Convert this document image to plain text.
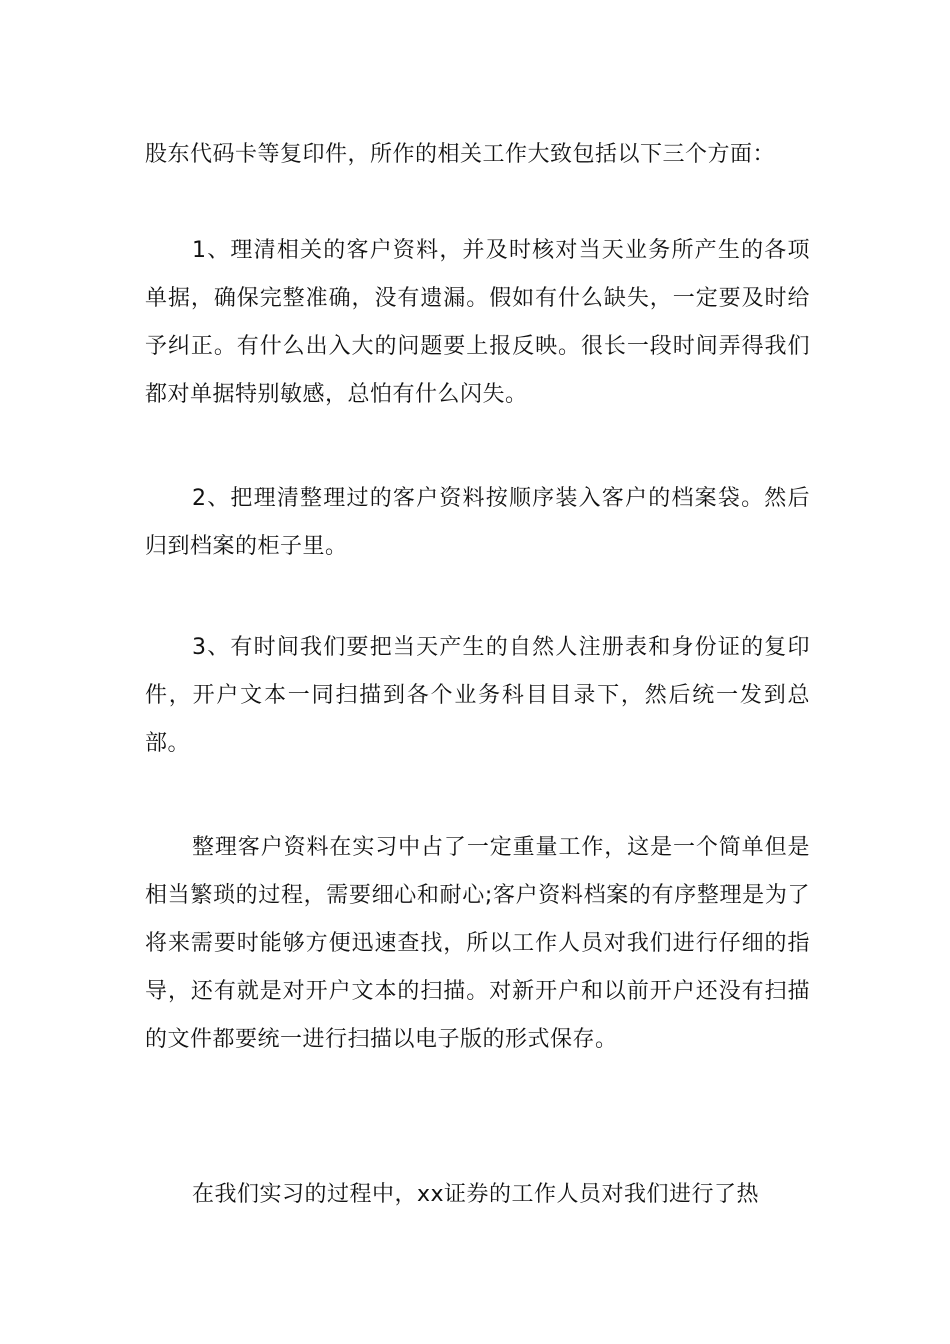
股东代码卡等复印件，所作的相关工作大致包括以下三个方面：

1、理清相关的客户资料，并及时核对当天业务所产生的各项单据，确保完整准确，没有遗漏。假如有什么缺失，一定要及时给予纠正。有什么出入大的问题要上报反映。很长一段时间弄得我们都对单据特别敏感，总怕有什么闪失。

2、把理清整理过的客户资料按顺序装入客户的档案袋。然后归到档案的柜子里。

3、有时间我们要把当天产生的自然人注册表和身份证的复印件，开户文本一同扫描到各个业务科目目录下，然后统一发到总部。

整理客户资料在实习中占了一定重量工作，这是一个简单但是相当繁琐的过程，需要细心和耐心;客户资料档案的有序整理是为了将来需要时能够方便迅速查找，所以工作人员对我们进行仔细的指导，还有就是对开户文本的扫描。对新开户和以前开户还没有扫描的文件都要统一进行扫描以电子版的形式保存。

在我们实习的过程中，xx证券的工作人员对我们进行了热
